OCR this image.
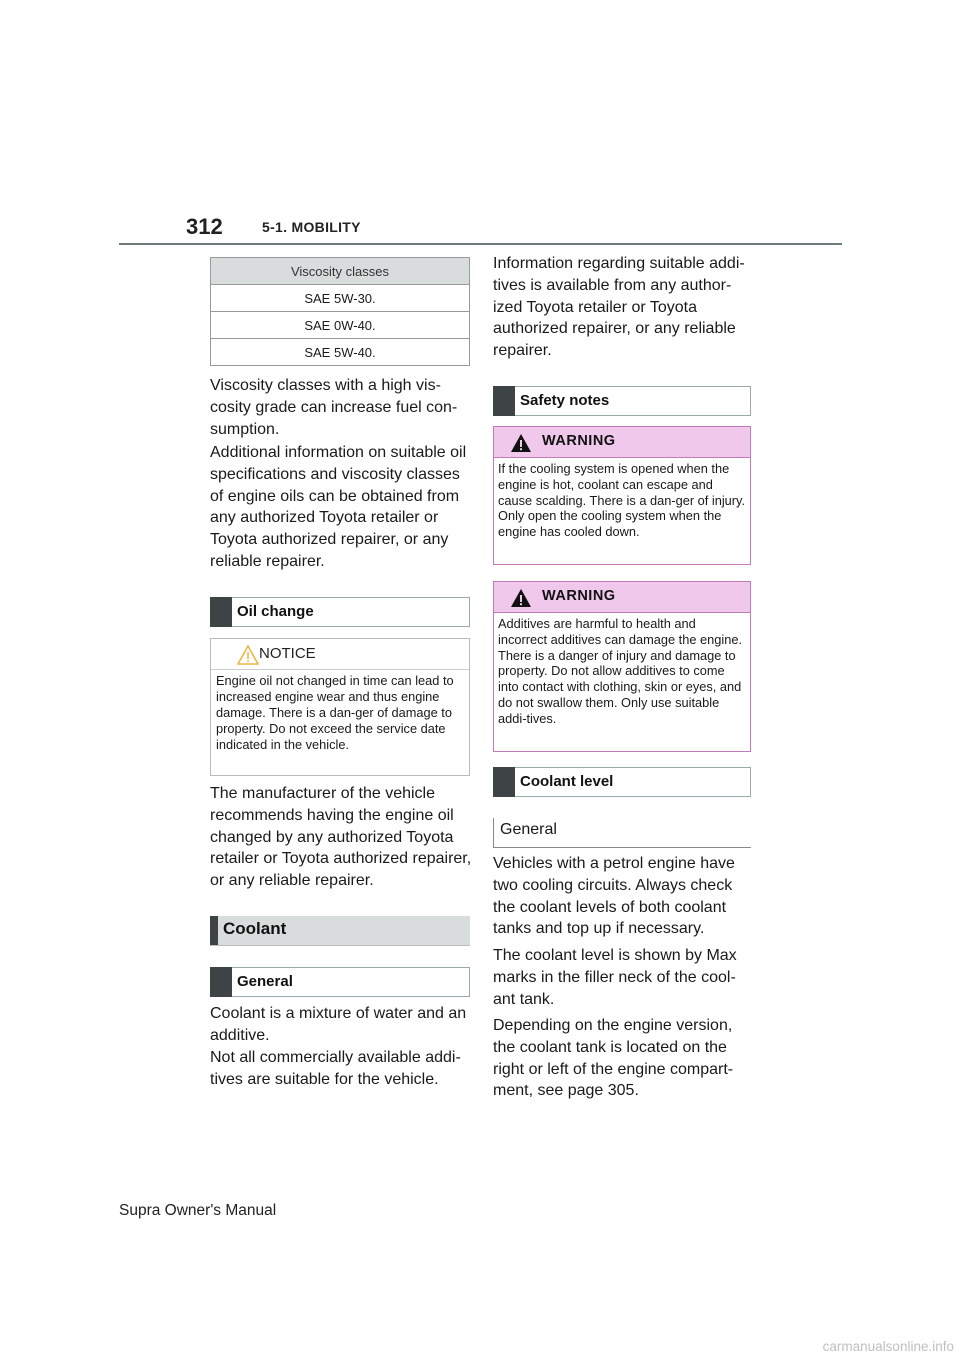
312	5-1. MOBILITY
Viscosity classes
SAE 5W-30.
SAE 0W-40.
SAE 5W-40.

Viscosity classes with a high vis-cosity grade can increase fuel con-sumption.

Additional information on suitable oil specifications and viscosity classes of engine oils can be obtained from any authorized Toyota retailer or Toyota authorized repairer, or any reliable repairer.

Oil change
NOTICE
Engine oil not changed in time can lead to increased engine wear and thus engine damage. There is a dan-ger of damage to property. Do not exceed the service date indicated in the vehicle.

The manufacturer of the vehicle recommends having the engine oil changed by any authorized Toyota retailer or Toyota authorized repairer, or any reliable repairer.

Coolant
General

Coolant is a mixture of water and an additive.

Not all commercially available addi-tives are suitable for the vehicle.

Information regarding suitable addi-tives is available from any author-ized Toyota retailer or Toyota authorized repairer, or any reliable repairer.

Safety notes
WARNING
If the cooling system is opened when the engine is hot, coolant can escape and cause scalding. There is a dan-ger of injury. Only open the cooling system when the engine has cooled down.
WARNING
Additives are harmful to health and incorrect additives can damage the engine. There is a danger of injury and damage to property. Do not allow additives to come into contact with clothing, skin or eyes, and do not swallow them. Only use suitable addi-tives.
Coolant level
General

Vehicles with a petrol engine have two cooling circuits. Always check the coolant levels of both coolant tanks and top up if necessary.

The coolant level is shown by Max marks in the filler neck of the cool-ant tank.

Depending on the engine version, the coolant tank is located on the right or left of the engine compart-ment, see page 305.

Supra Owner's Manual
carmanualsonline.info
